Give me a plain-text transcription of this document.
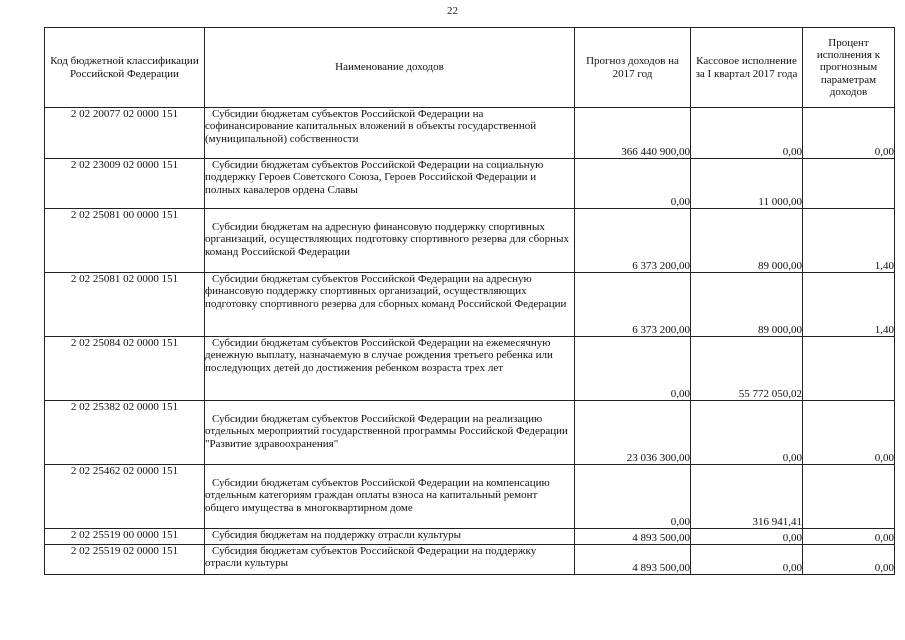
22
Код бюджетной классификации Российской Федерации	Наименование доходов	Прогноз доходов на 2017 год	Кассовое исполнение за I квартал 2017 года	Процент исполнения к прогнозным параметрам доходов
2 02 20077 02 0000 151	Субсидии бюджетам субъектов Российской Федерации на софинансирование капитальных вложений в объекты государственной (муниципальной) собственности	366 440 900,00	0,00	0,00
2 02 23009 02 0000 151	Субсидии бюджетам субъектов Российской Федерации на социальную поддержку Героев Советского Союза, Героев Российской Федерации и полных кавалеров ордена Славы	0,00	11 000,00	
2 02 25081 00 0000 151	Субсидии бюджетам на адресную финансовую поддержку спортивных организаций, осуществляющих подготовку спортивного резерва для сборных команд Российской Федерации	6 373 200,00	89 000,00	1,40
2 02 25081 02 0000 151	Субсидии бюджетам субъектов Российской Федерации на адресную финансовую поддержку спортивных организаций, осуществляющих подготовку спортивного резерва для сборных команд Российской Федерации	6 373 200,00	89 000,00	1,40
2 02 25084 02 0000 151	Субсидии бюджетам субъектов Российской Федерации на ежемесячную денежную выплату, назначаемую в случае рождения третьего ребенка или последующих детей до достижения ребенком возраста трех лет	0,00	55 772 050,02	
2 02 25382 02 0000 151	Субсидии бюджетам субъектов Российской Федерации на реализацию отдельных мероприятий государственной программы Российской Федерации "Развитие здравоохранения"	23 036 300,00	0,00	0,00
2 02 25462 02 0000 151	Субсидии бюджетам субъектов Российской Федерации на компенсацию отдельным категориям граждан оплаты взноса на капитальный ремонт общего имущества в многоквартирном доме	0,00	316 941,41	
2 02 25519 00 0000 151	Субсидия бюджетам на поддержку отрасли культуры	4 893 500,00	0,00	0,00
2 02 25519 02 0000 151	Субсидия бюджетам субъектов Российской Федерации на поддержку отрасли культуры	4 893 500,00	0,00	0,00
